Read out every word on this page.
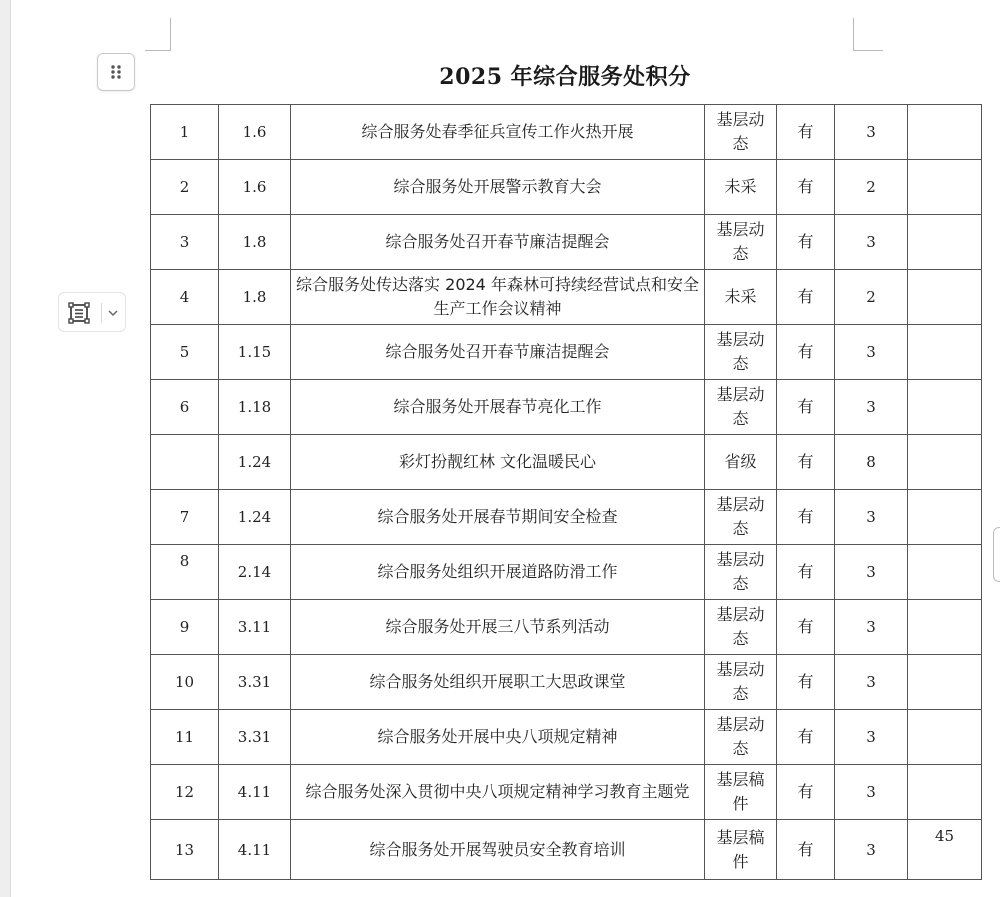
2025 年综合服务处积分
1	1.6	综合服务处春季征兵宣传工作火热开展	基层动态	有	3	
2	1.6	综合服务处开展警示教育大会	未采	有	2	
3	1.8	综合服务处召开春节廉洁提醒会	基层动态	有	3	
4	1.8	综合服务处传达落实 2024 年森林可持续经营试点和安全生产工作会议精神	未采	有	2	
5	1.15	综合服务处召开春节廉洁提醒会	基层动态	有	3	
6	1.18	综合服务处开展春节亮化工作	基层动态	有	3	
	1.24	彩灯扮靓红林 文化温暖民心	省级	有	8	
7	1.24	综合服务处开展春节期间安全检查	基层动态	有	3	
8	2.14	综合服务处组织开展道路防滑工作	基层动态	有	3	
9	3.11	综合服务处开展三八节系列活动	基层动态	有	3	
10	3.31	综合服务处组织开展职工大思政课堂	基层动态	有	3	
11	3.31	综合服务处开展中央八项规定精神	基层动态	有	3	
12	4.11	综合服务处深入贯彻中央八项规定精神学习教育主题党	基层稿件	有	3	
13	4.11	综合服务处开展驾驶员安全教育培训	基层稿件	有	3	45
